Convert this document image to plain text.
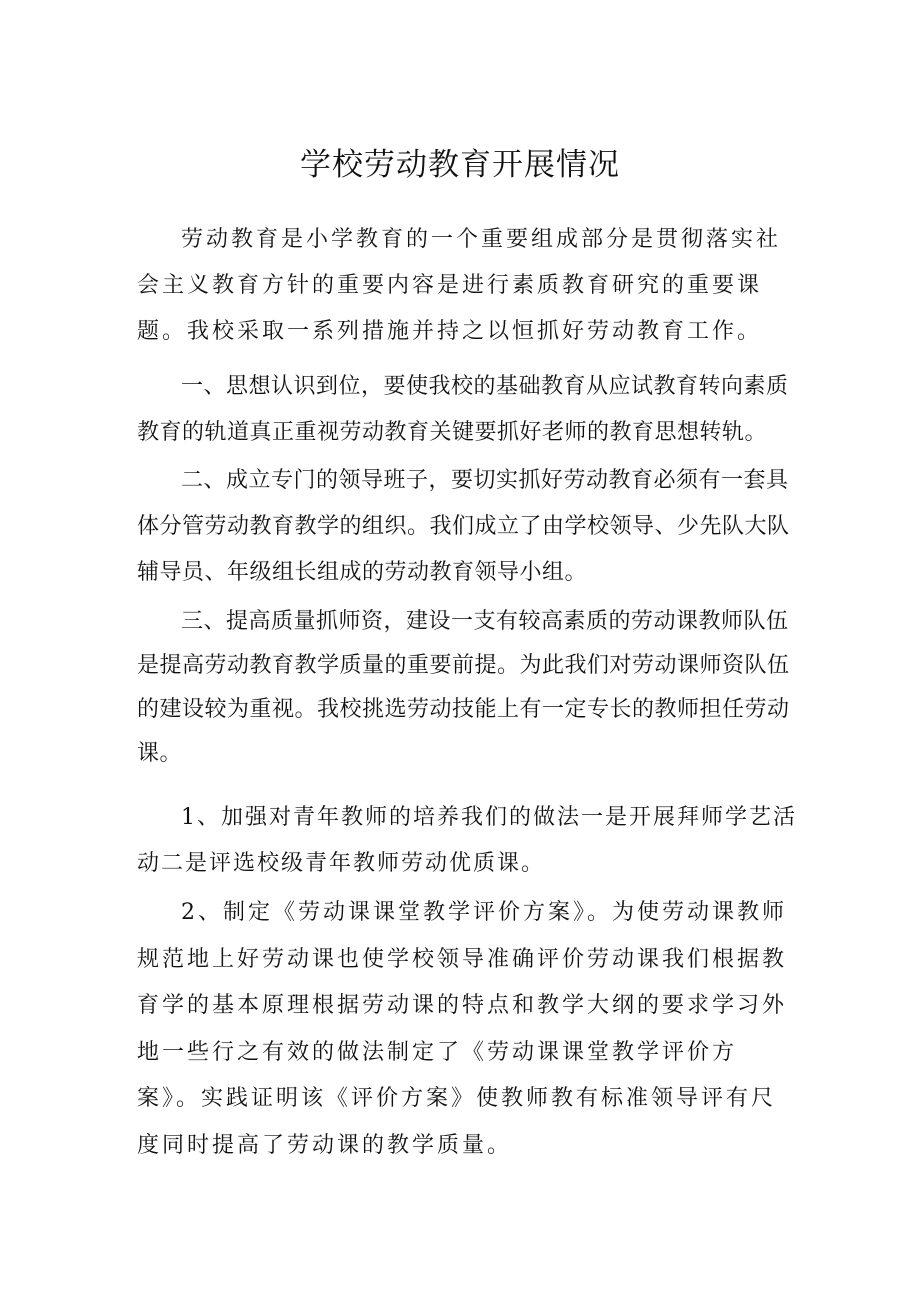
学校劳动教育开展情况

劳动教育是小学教育的一个重要组成部分是贯彻落实社会主义教育方针的重要内容是进行素质教育研究的重要课题。我校采取一系列措施并持之以恒抓好劳动教育工作。

一、思想认识到位，要使我校的基础教育从应试教育转向素质教育的轨道真正重视劳动教育关键要抓好老师的教育思想转轨。

二、成立专门的领导班子，要切实抓好劳动教育必须有一套具体分管劳动教育教学的组织。我们成立了由学校领导、少先队大队辅导员、年级组长组成的劳动教育领导小组。

三、提高质量抓师资，建设一支有较高素质的劳动课教师队伍是提高劳动教育教学质量的重要前提。为此我们对劳动课师资队伍的建设较为重视。我校挑选劳动技能上有一定专长的教师担任劳动课。

1、加强对青年教师的培养我们的做法一是开展拜师学艺活动二是评选校级青年教师劳动优质课。

2、制定《劳动课课堂教学评价方案》。为使劳动课教师规范地上好劳动课也使学校领导准确评价劳动课我们根据教育学的基本原理根据劳动课的特点和教学大纲的要求学习外地一些行之有效的做法制定了《劳动课课堂教学评价方案》。实践证明该《评价方案》使教师教有标准领导评有尺度同时提高了劳动课的教学质量。
